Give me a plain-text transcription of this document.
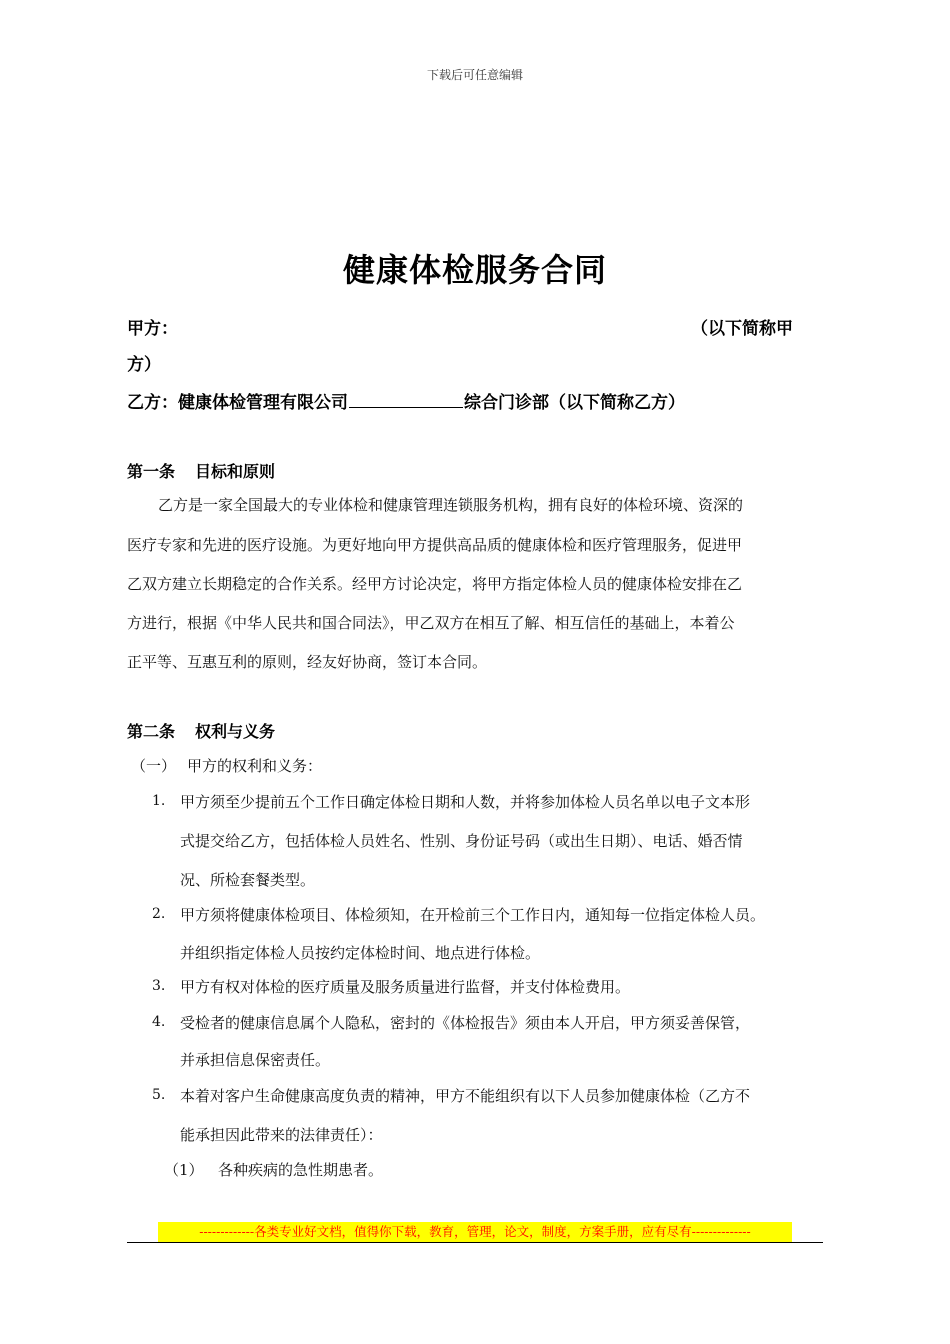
下载后可任意编辑
健康体检服务合同
甲方：	（以下简称甲
方）
乙方：健康体检管理有限公司	综合门诊部（以下简称乙方）
第一条 目标和原则
乙方是一家全国最大的专业体检和健康管理连锁服务机构，拥有良好的体检环境、资深的
医疗专家和先进的医疗设施。为更好地向甲方提供高品质的健康体检和医疗管理服务，促进甲
乙双方建立长期稳定的合作关系。经甲方讨论决定，将甲方指定体检人员的健康体检安排在乙
方进行，根据《中华人民共和国合同法》，甲乙双方在相互了解、相互信任的基础上，本着公
正平等、互惠互利的原则，经友好协商，签订本合同。
第二条 权利与义务
（一） 甲方的权利和义务：
1. 甲方须至少提前五个工作日确定体检日期和人数，并将参加体检人员名单以电子文本形
式提交给乙方，包括体检人员姓名、性别、身份证号码（或出生日期）、电话、婚否情
况、所检套餐类型。
2. 甲方须将健康体检项目、体检须知，在开检前三个工作日内，通知每一位指定体检人员。
并组织指定体检人员按约定体检时间、地点进行体检。
3. 甲方有权对体检的医疗质量及服务质量进行监督，并支付体检费用。
4. 受检者的健康信息属个人隐私，密封的《体检报告》须由本人开启，甲方须妥善保管，
并承担信息保密责任。
5. 本着对客户生命健康高度负责的精神，甲方不能组织有以下人员参加健康体检（乙方不
能承担因此带来的法律责任）：
（1） 各种疾病的急性期患者。
-------------各类专业好文档，值得你下载，教育，管理，论文，制度，方案手册，应有尽有--------------
